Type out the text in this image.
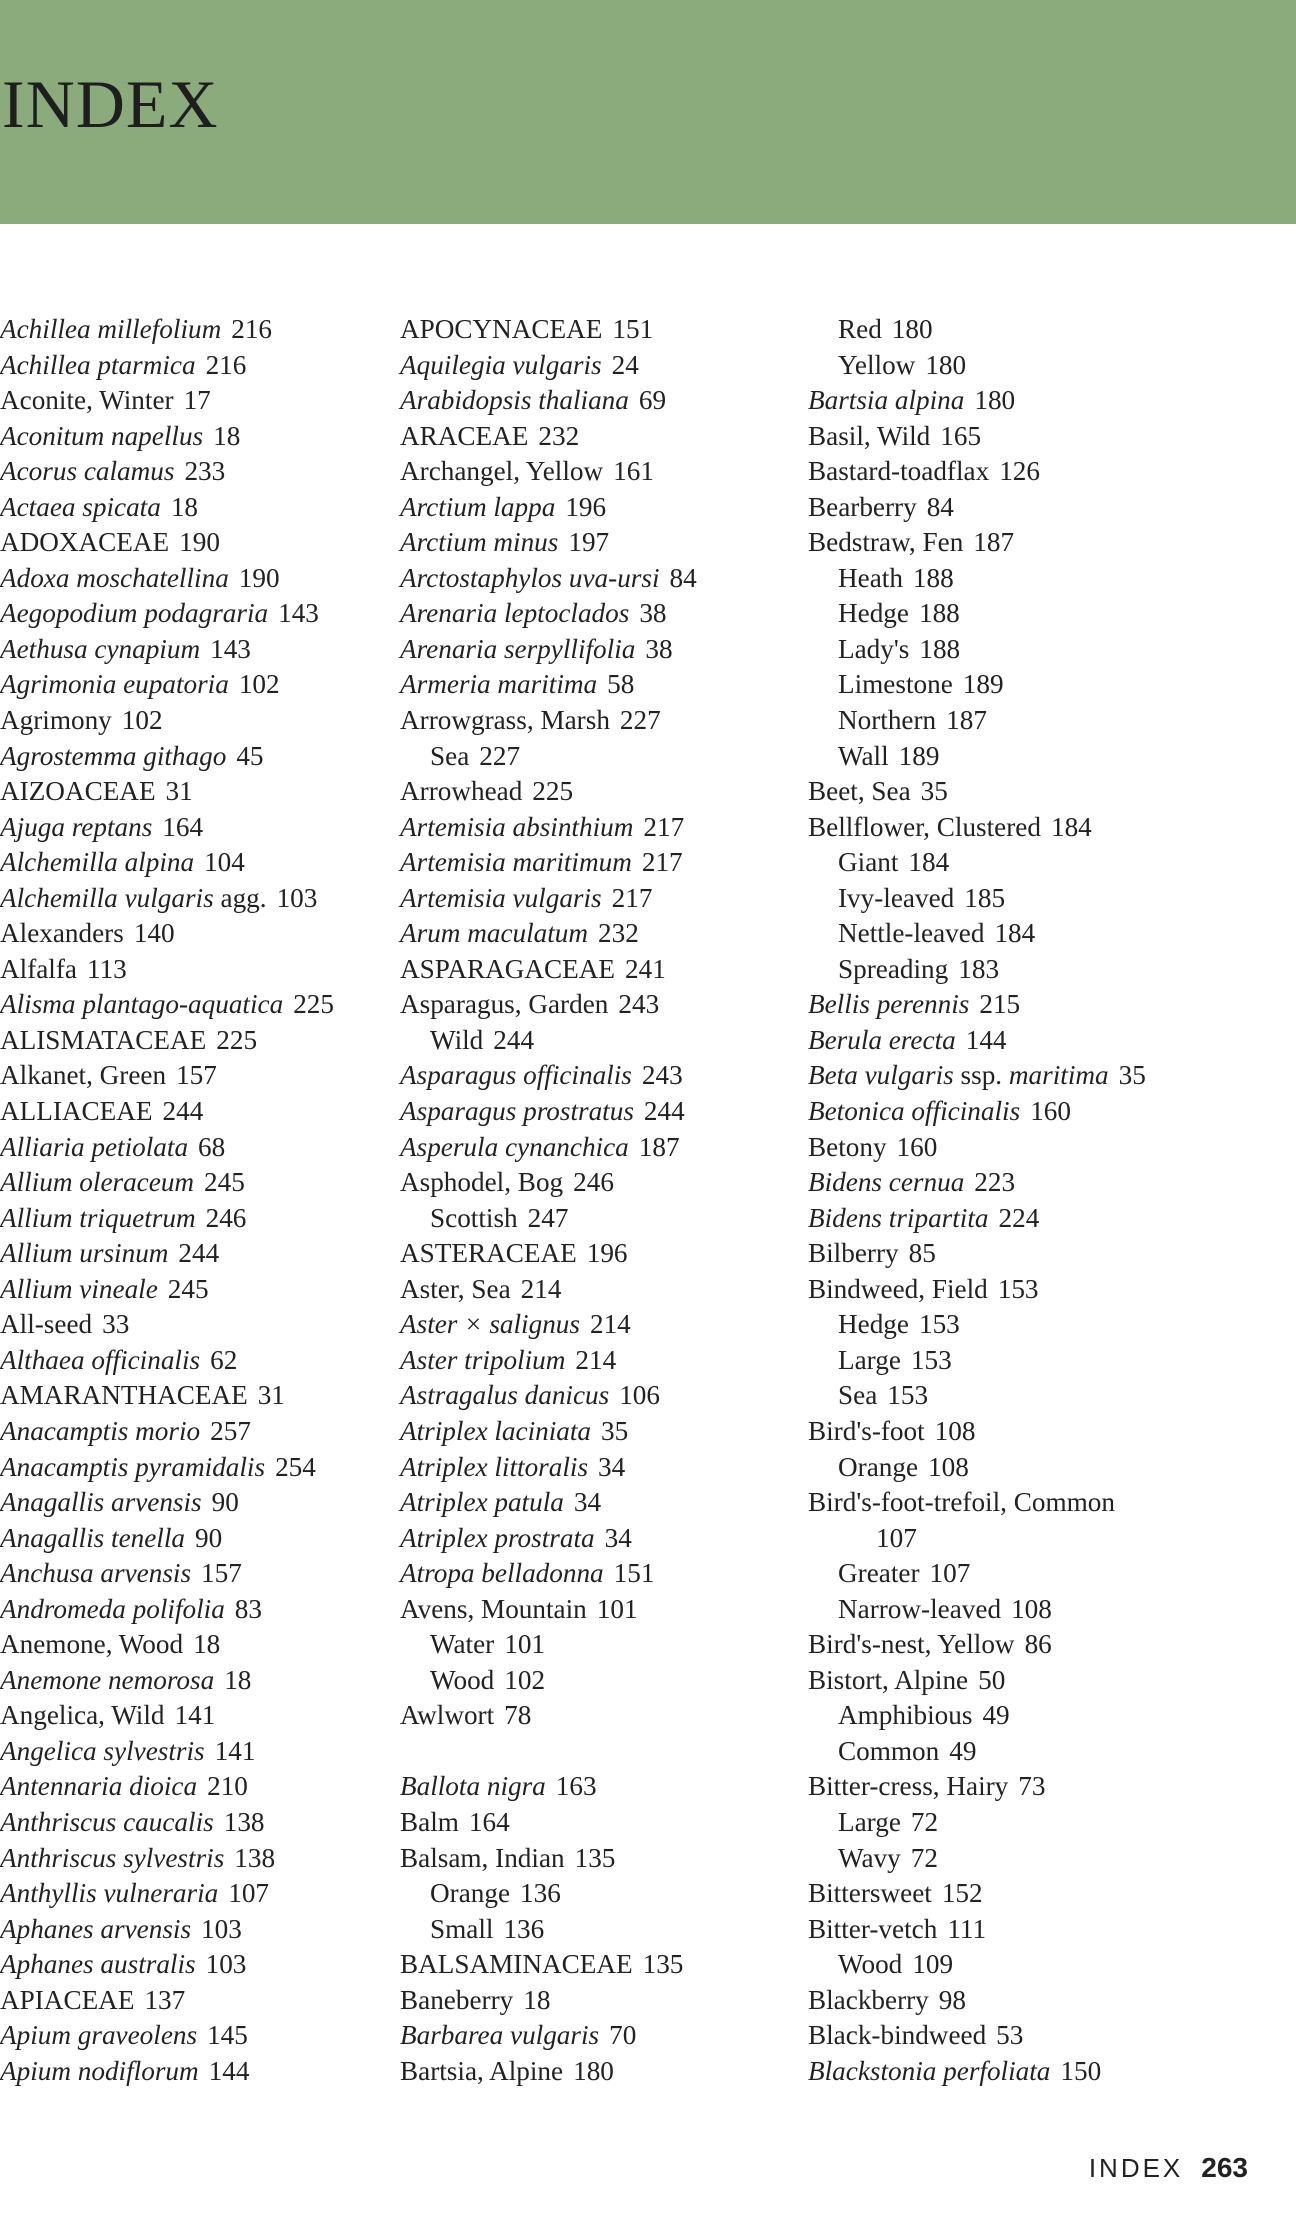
INDEX
Achillea millefolium 216
Achillea ptarmica 216
Aconite, Winter 17
Aconitum napellus 18
Acorus calamus 233
Actaea spicata 18
ADOXACEAE 190
Adoxa moschatellina 190
Aegopodium podagraria 143
Aethusa cynapium 143
Agrimonia eupatoria 102
Agrimony 102
Agrostemma githago 45
AIZOACEAE 31
Ajuga reptans 164
Alchemilla alpina 104
Alchemilla vulgaris agg. 103
Alexanders 140
Alfalfa 113
Alisma plantago-aquatica 225
ALISMATACEAE 225
Alkanet, Green 157
ALLIACEAE 244
Alliaria petiolata 68
Allium oleraceum 245
Allium triquetrum 246
Allium ursinum 244
Allium vineale 245
All-seed 33
Althaea officinalis 62
AMARANTHACEAE 31
Anacamptis morio 257
Anacamptis pyramidalis 254
Anagallis arvensis 90
Anagallis tenella 90
Anchusa arvensis 157
Andromeda polifolia 83
Anemone, Wood 18
Anemone nemorosa 18
Angelica, Wild 141
Angelica sylvestris 141
Antennaria dioica 210
Anthriscus caucalis 138
Anthriscus sylvestris 138
Anthyllis vulneraria 107
Aphanes arvensis 103
Aphanes australis 103
APIACEAE 137
Apium graveolens 145
Apium nodiflorum 144
APOCYNACEAE 151
Aquilegia vulgaris 24
Arabidopsis thaliana 69
ARACEAE 232
Archangel, Yellow 161
Arctium lappa 196
Arctium minus 197
Arctostaphylos uva-ursi 84
Arenaria leptoclados 38
Arenaria serpyllifolia 38
Armeria maritima 58
Arrowgrass, Marsh 227
Sea 227
Arrowhead 225
Artemisia absinthium 217
Artemisia maritimum 217
Artemisia vulgaris 217
Arum maculatum 232
ASPARAGACEAE 241
Asparagus, Garden 243
Wild 244
Asparagus officinalis 243
Asparagus prostratus 244
Asperula cynanchica 187
Asphodel, Bog 246
Scottish 247
ASTERACEAE 196
Aster, Sea 214
Aster × salignus 214
Aster tripolium 214
Astragalus danicus 106
Atriplex laciniata 35
Atriplex littoralis 34
Atriplex patula 34
Atriplex prostrata 34
Atropa belladonna 151
Avens, Mountain 101
Water 101
Wood 102
Awlwort 78
Ballota nigra 163
Balm 164
Balsam, Indian 135
Orange 136
Small 136
BALSAMINACEAE 135
Baneberry 18
Barbarea vulgaris 70
Bartsia, Alpine 180
Red 180
Yellow 180
Bartsia alpina 180
Basil, Wild 165
Bastard-toadflax 126
Bearberry 84
Bedstraw, Fen 187
Heath 188
Hedge 188
Lady's 188
Limestone 189
Northern 187
Wall 189
Beet, Sea 35
Bellflower, Clustered 184
Giant 184
Ivy-leaved 185
Nettle-leaved 184
Spreading 183
Bellis perennis 215
Berula erecta 144
Beta vulgaris ssp. maritima 35
Betonica officinalis 160
Betony 160
Bidens cernua 223
Bidens tripartita 224
Bilberry 85
Bindweed, Field 153
Hedge 153
Large 153
Sea 153
Bird's-foot 108
Orange 108
Bird's-foot-trefoil, Common
107
Greater 107
Narrow-leaved 108
Bird's-nest, Yellow 86
Bistort, Alpine 50
Amphibious 49
Common 49
Bitter-cress, Hairy 73
Large 72
Wavy 72
Bittersweet 152
Bitter-vetch 111
Wood 109
Blackberry 98
Black-bindweed 53
Blackstonia perfoliata 150
INDEX 263
